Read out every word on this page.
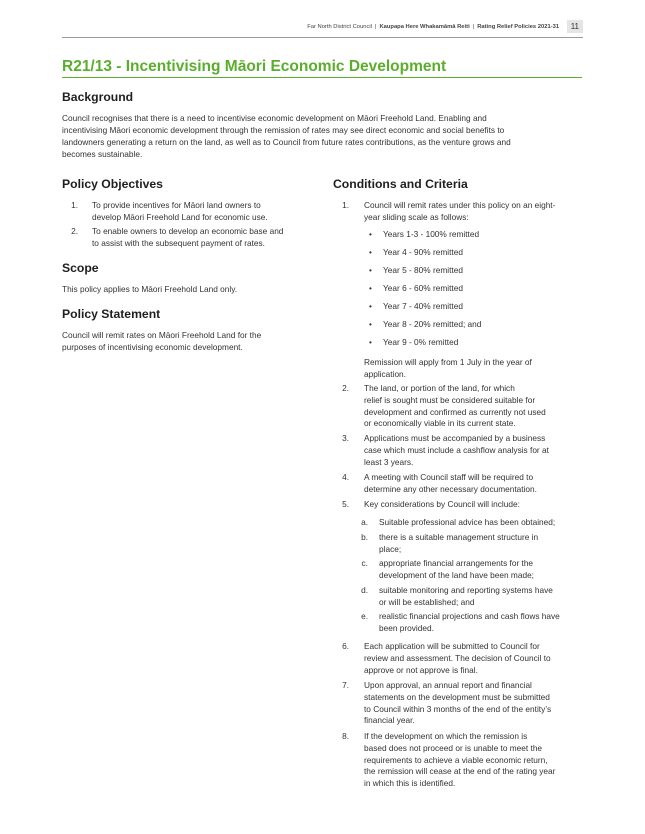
Far North District Council | Kaupapa Here Whakamāmā Reiti | Rating Relief Policies 2021-31 11
R21/13 - Incentivising Māori Economic Development
Background

Council recognises that there is a need to incentivise economic development on Māori Freehold Land. Enabling and

incentivising Māori economic development through the remission of rates may see direct economic and social benefits to

landowners generating a return on the land, as well as to Council from future rates contributions, as the venture grows and

becomes sustainable.

Policy Objectives
1. To provide incentives for Māori land owners to
develop Māori Freehold Land for economic use.
2. To enable owners to develop an economic base and
to assist with the subsequent payment of rates.
Scope

This policy applies to Māori Freehold Land only.

Policy Statement

Council will remit rates on Māori Freehold Land for the

purposes of incentivising economic development.

Conditions and Criteria
1. Council will remit rates under this policy on an eight-
year sliding scale as follows:
• Years 1-3 - 100% remitted
• Year 4 - 90% remitted
• Year 5 - 80% remitted
• Year 6 - 60% remitted
• Year 7 - 40% remitted
• Year 8 - 20% remitted; and
• Year 9 - 0% remitted

Remission will apply from 1 July in the year of
application.

2. The land, or portion of the land, for which
relief is sought must be considered suitable for
development and confirmed as currently not used
or economically viable in its current state.
3. Applications must be accompanied by a business
case which must include a cashflow analysis for at
least 3 years.
4. A meeting with Council staff will be required to
determine any other necessary documentation.
5. Key considerations by Council will include:
a. Suitable professional advice has been obtained;
b. there is a suitable management structure in
place;
c. appropriate financial arrangements for the
development of the land have been made;
d. suitable monitoring and reporting systems have
or will be established; and
e. realistic financial projections and cash flows have
been provided.
6. Each application will be submitted to Council for
review and assessment. The decision of Council to
approve or not approve is final.
7. Upon approval, an annual report and financial
statements on the development must be submitted
to Council within 3 months of the end of the entity’s
financial year.
8. If the development on which the remission is
based does not proceed or is unable to meet the
requirements to achieve a viable economic return,
the remission will cease at the end of the rating year
in which this is identified.
